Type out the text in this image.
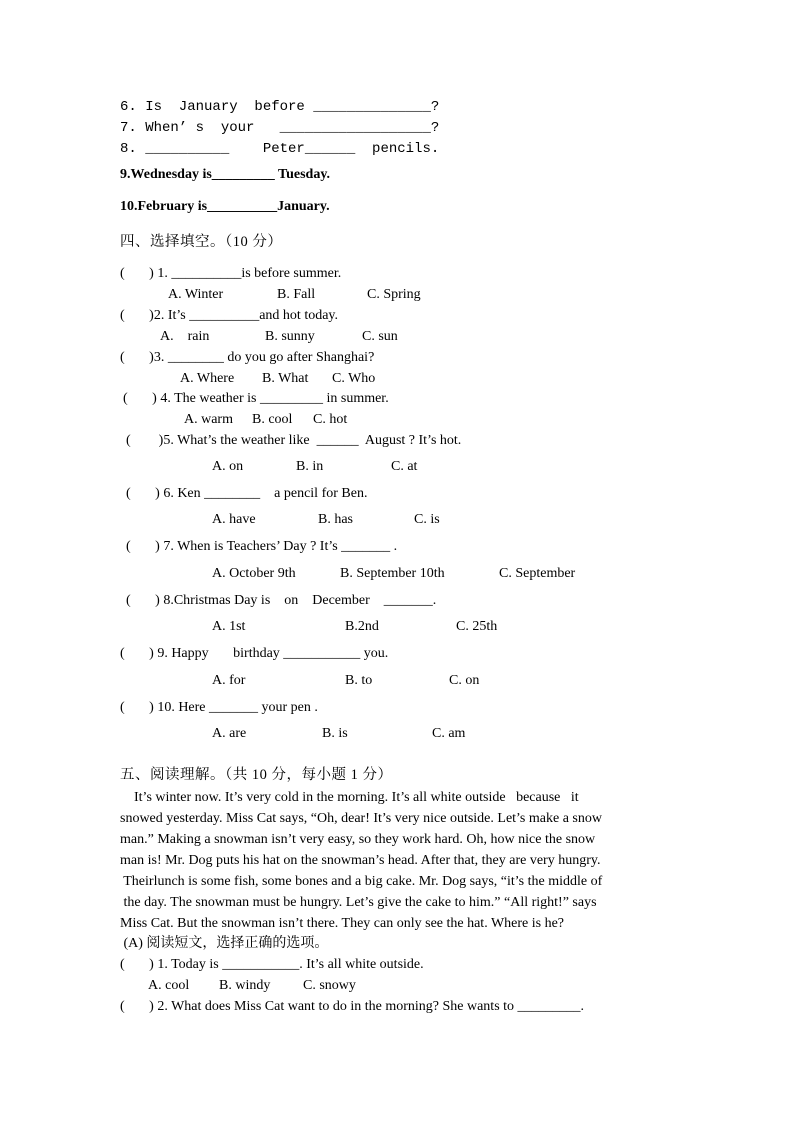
6. Is  January  before ______________?
7. When’ s  your   __________________?
8. __________    Peter______  pencils.
9.Wednesday is_________ Tuesday.
10.February is__________January.
四、选择填空。（10 分）
(       ) 1. __________is before summer.
A. Winter	B. Fall	C. Spring
(       )2. It’s __________and hot today.
A.    rain	B. sunny	C. sun
(       )3. ________ do you go after Shanghai?
A. Where B. What C. Who
(       ) 4. The weather is _________ in summer.
A. warm B. cool C. hot
(        )5. What’s the weather like  ______  August ? It’s hot.
A. on	B. in	C. at
(       ) 6. Ken ________    a pencil for Ben.
A. have	B. has	C. is
(       ) 7. When is Teachers’ Day ? It’s _______ .
A. October 9th	B. September 10th	C. September
(       ) 8.Christmas Day is    on    December    _______.
A. 1st	B.2nd	C. 25th
(       ) 9. Happy       birthday ___________ you.
A. for	B. to	C. on
(       ) 10. Here _______ your pen .
A. are	B. is	C. am
五、阅读理解。（共 10 分，每小题 1 分）
It’s winter now. It’s very cold in the morning. It’s all white outside   because   it
snowed yesterday. Miss Cat says, “Oh, dear! It’s very nice outside. Let’s make a snow
man.” Making a snowman isn’t very easy, so they work hard. Oh, how nice the snow
man is! Mr. Dog puts his hat on the snowman’s head. After that, they are very hungry.
Theirlunch is some fish, some bones and a big cake. Mr. Dog says, “it’s the middle of
the day. The snowman must be hungry. Let’s give the cake to him.” “All right!” says
Miss Cat. But the snowman isn’t there. They can only see the hat. Where is he?
(A) 阅读短文，选择正确的选项。
(       ) 1. Today is ___________. It’s all white outside.
A. cool B. windy C. snowy
(       ) 2. What does Miss Cat want to do in the morning? She wants to _________.
